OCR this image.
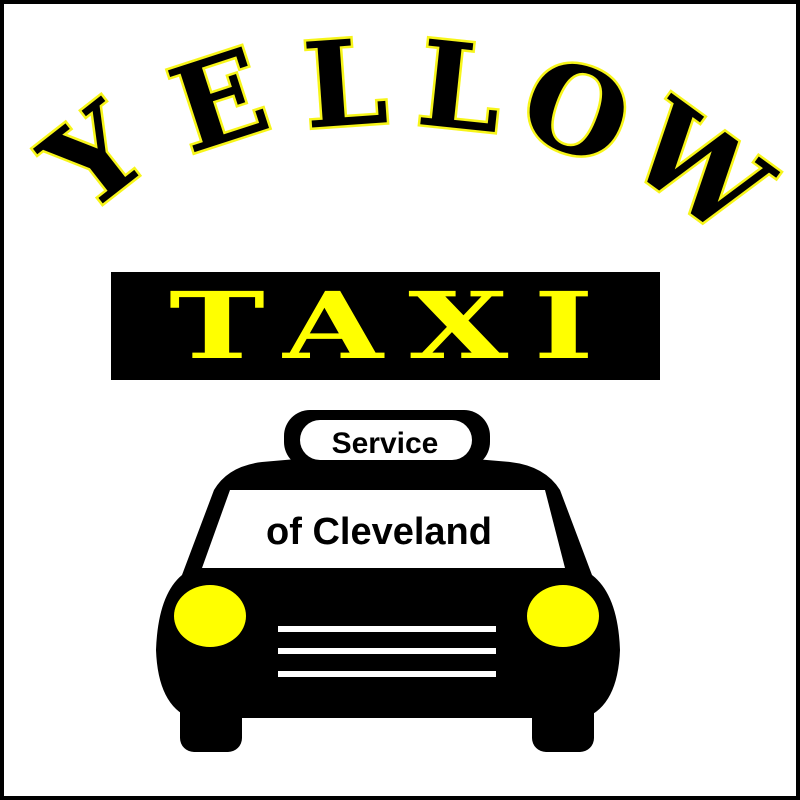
Y
E L L
O
W
TAXI
Service
of Cleveland
